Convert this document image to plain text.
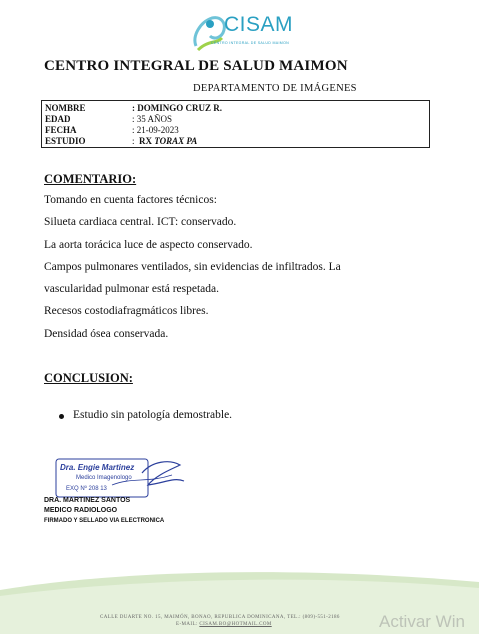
CISAM
CENTRO INTEGRAL DE SALUD MAIMON
CENTRO INTEGRAL DE SALUD MAIMON
DEPARTAMENTO DE IMÁGENES
NOMBRE	: DOMINGO CRUZ R.
EDAD	: 35 AÑOS
FECHA	: 21-09-2023
ESTUDIO	:  RX TORAX PA
COMENTARIO:
Tomando en cuenta factores técnicos:
Silueta cardiaca central. ICT: conservado.
La aorta torácica luce de aspecto conservado.
Campos pulmonares ventilados, sin evidencias de infiltrados. La
vascularidad pulmonar está respetada.
Recesos costodiafragmáticos libres.
Densidad ósea conservada.
CONCLUSION:
Estudio sin patología demostrable.
Dra. Engie Martinez
Medico Imagenologo
EXQ Nº 208 13
DRA. MARTINEZ SANTOS
MEDICO RADIOLOGO
FIRMADO Y SELLADO VIA ELECTRONICA
CALLE DUARTE NO. 15, MAIMÓN, BONAO, REPUBLICA DOMINICANA, TEL.: (809)-551-2186
E-MAIL: CISAM.BO@HOTMAIL.COM	Activar Win
